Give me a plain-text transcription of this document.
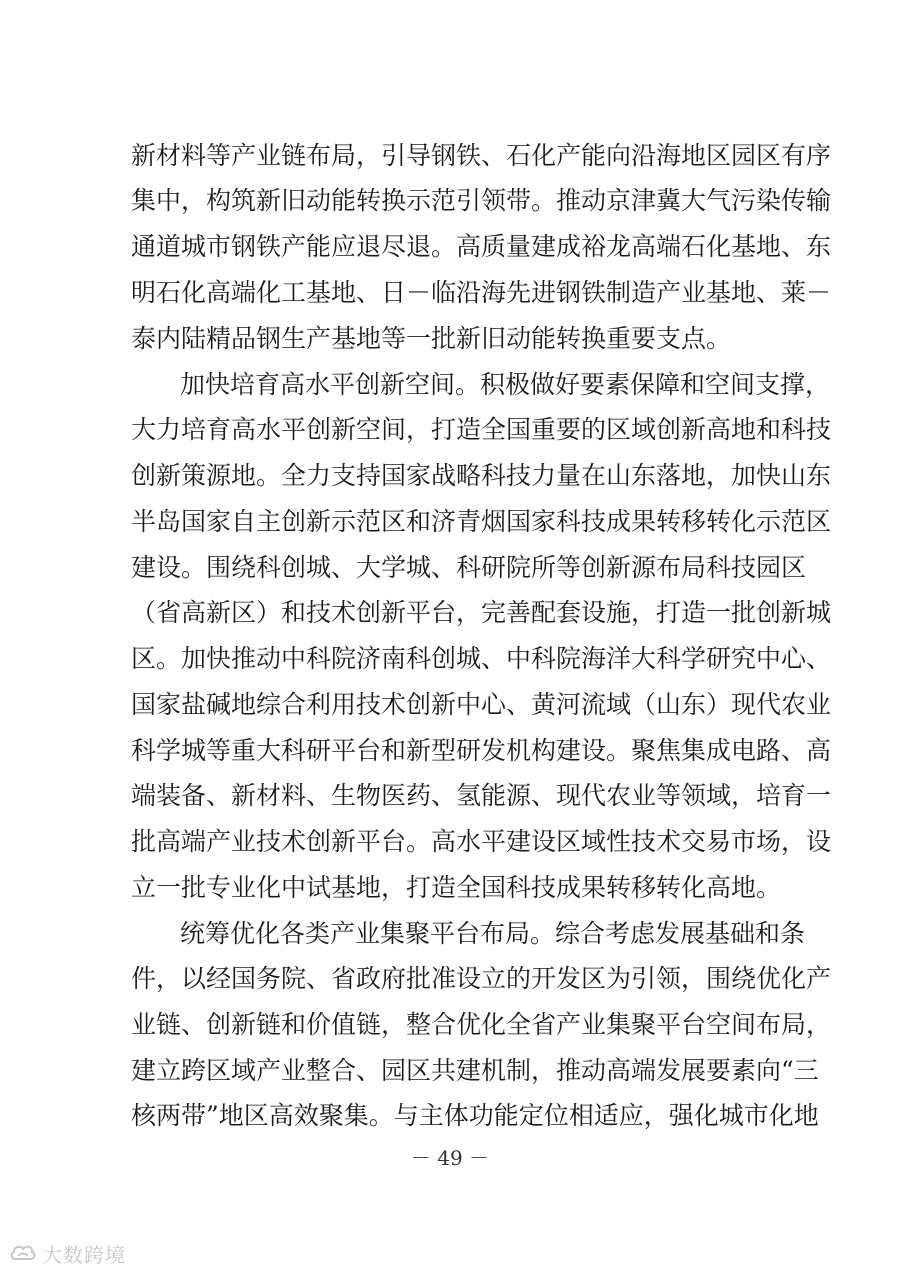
新材料等产业链布局，引导钢铁、石化产能向沿海地区园区有序
集中，构筑新旧动能转换示范引领带。推动京津冀大气污染传输
通道城市钢铁产能应退尽退。高质量建成裕龙高端石化基地、东
明石化高端化工基地、日－临沿海先进钢铁制造产业基地、莱－
泰内陆精品钢生产基地等一批新旧动能转换重要支点。
加快培育高水平创新空间。积极做好要素保障和空间支撑，
大力培育高水平创新空间，打造全国重要的区域创新高地和科技
创新策源地。全力支持国家战略科技力量在山东落地，加快山东
半岛国家自主创新示范区和济青烟国家科技成果转移转化示范区
建设。围绕科创城、大学城、科研院所等创新源布局科技园区
（省高新区）和技术创新平台，完善配套设施，打造一批创新城
区。加快推动中科院济南科创城、中科院海洋大科学研究中心、
国家盐碱地综合利用技术创新中心、黄河流域（山东）现代农业
科学城等重大科研平台和新型研发机构建设。聚焦集成电路、高
端装备、新材料、生物医药、氢能源、现代农业等领域，培育一
批高端产业技术创新平台。高水平建设区域性技术交易市场，设
立一批专业化中试基地，打造全国科技成果转移转化高地。
统筹优化各类产业集聚平台布局。综合考虑发展基础和条
件，以经国务院、省政府批准设立的开发区为引领，围绕优化产
业链、创新链和价值链，整合优化全省产业集聚平台空间布局，
建立跨区域产业整合、园区共建机制，推动高端发展要素向“三
核两带”地区高效聚集。与主体功能定位相适应，强化城市化地
－ 49 －
大数跨境
